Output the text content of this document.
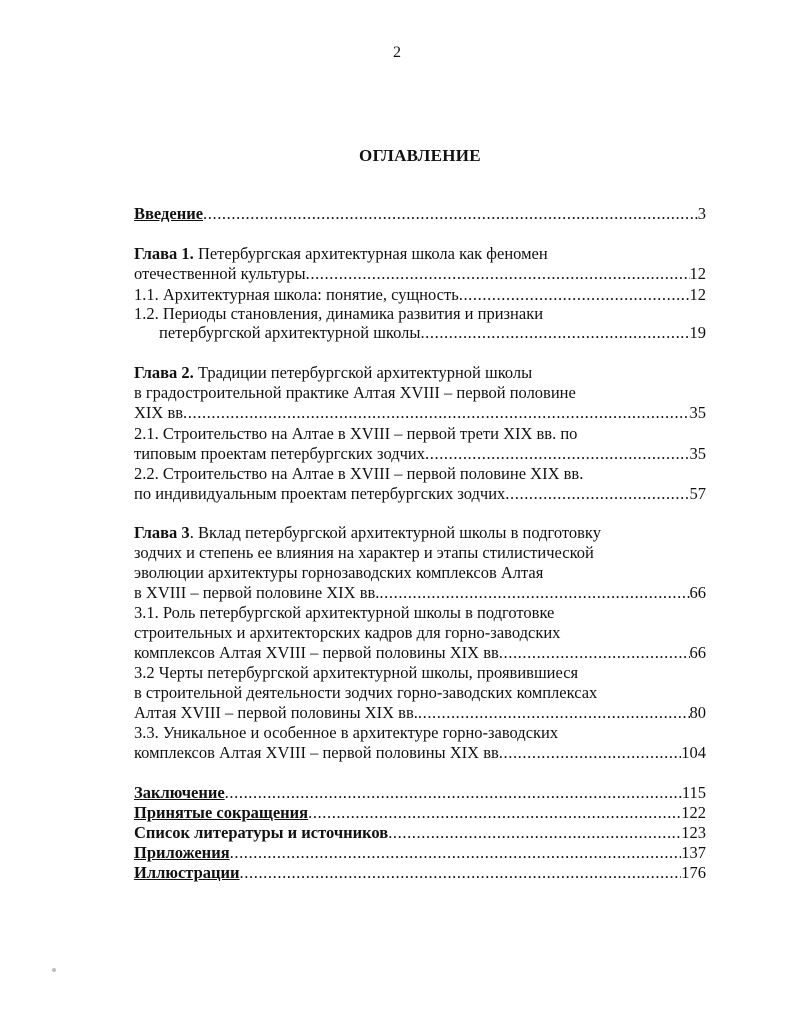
2
ОГЛАВЛЕНИЕ
Введение .....	3
Глава 1. Петербургская архитектурная школа как феномен
отечественной культуры .....	12
1.1. Архитектурная школа: понятие, сущность .....	12
1.2. Периоды становления, динамика развития и признаки
петербургской архитектурной школы .....	19
Глава 2. Традиции петербургской архитектурной школы
в градостроительной практике Алтая XVIII – первой половине
XIX вв .....	35
2.1. Строительство на Алтае в XVIII – первой трети XIX вв. по
типовым проектам петербургских зодчих .....	35
2.2. Строительство на Алтае в XVIII – первой половине XIX вв.
по индивидуальным проектам петербургских зодчих .....	57
Глава 3. Вклад петербургской архитектурной школы в подготовку
зодчих и степень ее влияния на характер и этапы стилистической
эволюции архитектуры горнозаводских комплексов Алтая
в XVIII – первой половине XIX вв. .....	66
3.1. Роль петербургской архитектурной школы в подготовке
строительных и архитекторских кадров для горно-заводских
комплексов Алтая XVIII – первой половины XIX вв .....	66
3.2 Черты петербургской архитектурной школы, проявившиеся
в строительной деятельности зодчих горно-заводских комплексах
Алтая XVIII – первой половины XIX вв. .....	80
3.3. Уникальное и особенное в архитектуре горно-заводских
комплексов Алтая XVIII – первой половины XIX вв .....	104
Заключение .....	115
Принятые сокращения .....	122
Список литературы и источников .....	123
Приложения .....	137
Иллюстрации .....	176
